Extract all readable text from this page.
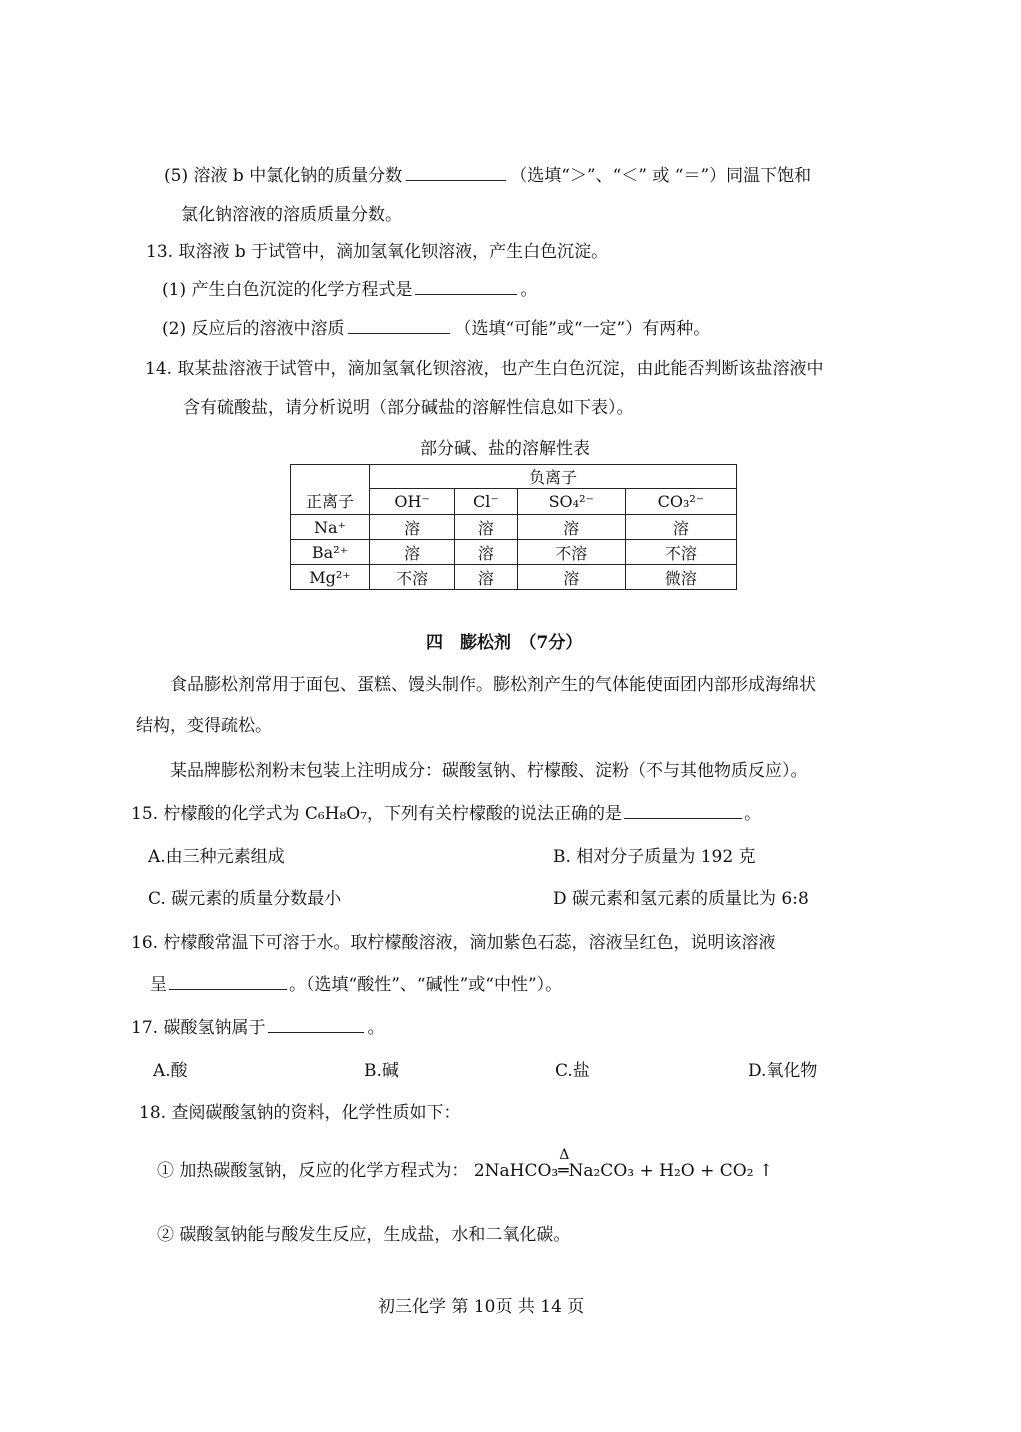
(5) 溶液 b 中氯化钠的质量分数	（选填“＞”、“＜” 或 “＝”）同温下饱和
氯化钠溶液的溶质质量分数。
13. 取溶液 b 于试管中，滴加氢氧化钡溶液，产生白色沉淀。
(1) 产生白色沉淀的化学方程式是	。
(2) 反应后的溶液中溶质	（选填“可能”或“一定”）有两种。
14. 取某盐溶液于试管中，滴加氢氧化钡溶液，也产生白色沉淀，由此能否判断该盐溶液中
含有硫酸盐，请分析说明（部分碱盐的溶解性信息如下表）。
部分碱、盐的溶解性表
正离子	负离子			
	OH⁻	Cl⁻	SO₄²⁻	CO₃²⁻
Na⁺	溶	溶	溶	溶
Ba²⁺	溶	溶	不溶	不溶
Mg²⁺	不溶	溶	溶	微溶
四　膨松剂　（7分）
食品膨松剂常用于面包、蛋糕、馒头制作。膨松剂产生的气体能使面团内部形成海绵状
结构，变得疏松。
某品牌膨松剂粉末包装上注明成分：碳酸氢钠、柠檬酸、淀粉（不与其他物质反应）。
15. 柠檬酸的化学式为 C₆H₈O₇，下列有关柠檬酸的说法正确的是	。
A.由三种元素组成	B. 相对分子质量为 192 克
C. 碳元素的质量分数最小	D 碳元素和氢元素的质量比为 6:8
16. 柠檬酸常温下可溶于水。取柠檬酸溶液，滴加紫色石蕊，溶液呈红色，说明该溶液
呈	。（选填“酸性”、“碱性”或“中性”）。
17. 碳酸氢钠属于	。
A.酸	B.碱	C.盐	D.氧化物
18. 查阅碳酸氢钠的资料，化学性质如下：
① 加热碳酸氢钠，反应的化学方程式为： 2NaHCO₃
Δ
═Na₂CO₃ + H₂O + CO₂ ↑
② 碳酸氢钠能与酸发生反应，生成盐，水和二氧化碳。
初三化学 第 10页 共 14 页
